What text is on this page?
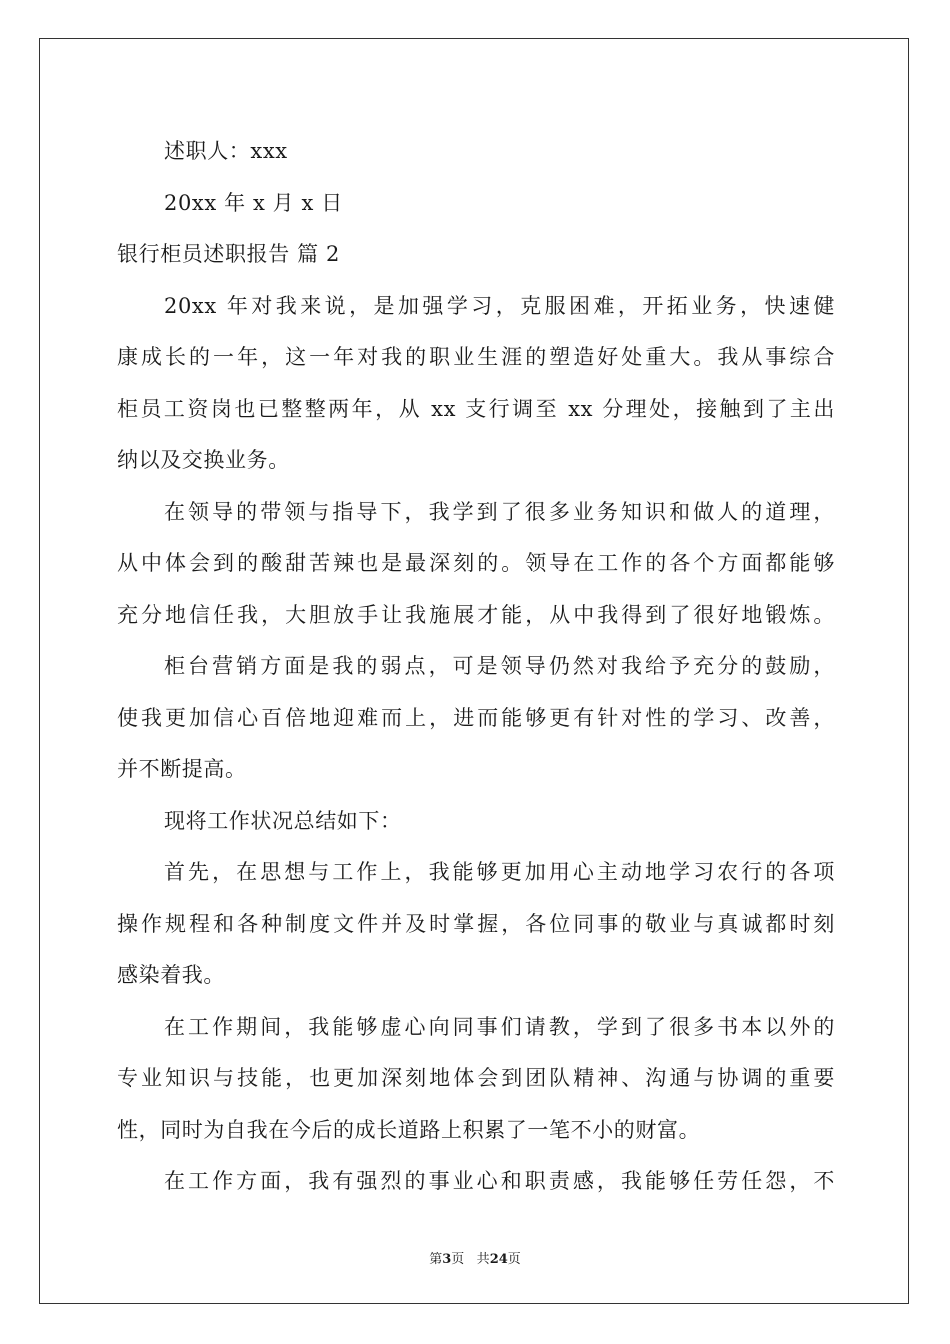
述职人：xxx
20xx 年 x 月 x 日
银行柜员述职报告 篇 2
20xx 年对我来说，是加强学习，克服困难，开拓业务，快速健
康成长的一年，这一年对我的职业生涯的塑造好处重大。我从事综合
柜员工资岗也已整整两年，从 xx 支行调至 xx 分理处，接触到了主出
纳以及交换业务。
在领导的带领与指导下，我学到了很多业务知识和做人的道理，
从中体会到的酸甜苦辣也是最深刻的。领导在工作的各个方面都能够
充分地信任我，大胆放手让我施展才能，从中我得到了很好地锻炼。
柜台营销方面是我的弱点，可是领导仍然对我给予充分的鼓励，
使我更加信心百倍地迎难而上，进而能够更有针对性的学习、改善，
并不断提高。
现将工作状况总结如下：
首先，在思想与工作上，我能够更加用心主动地学习农行的各项
操作规程和各种制度文件并及时掌握，各位同事的敬业与真诚都时刻
感染着我。
在工作期间，我能够虚心向同事们请教，学到了很多书本以外的
专业知识与技能，也更加深刻地体会到团队精神、沟通与协调的重要
性，同时为自我在今后的成长道路上积累了一笔不小的财富。
在工作方面，我有强烈的事业心和职责感，我能够任劳任怨，不
第3页 共24页
